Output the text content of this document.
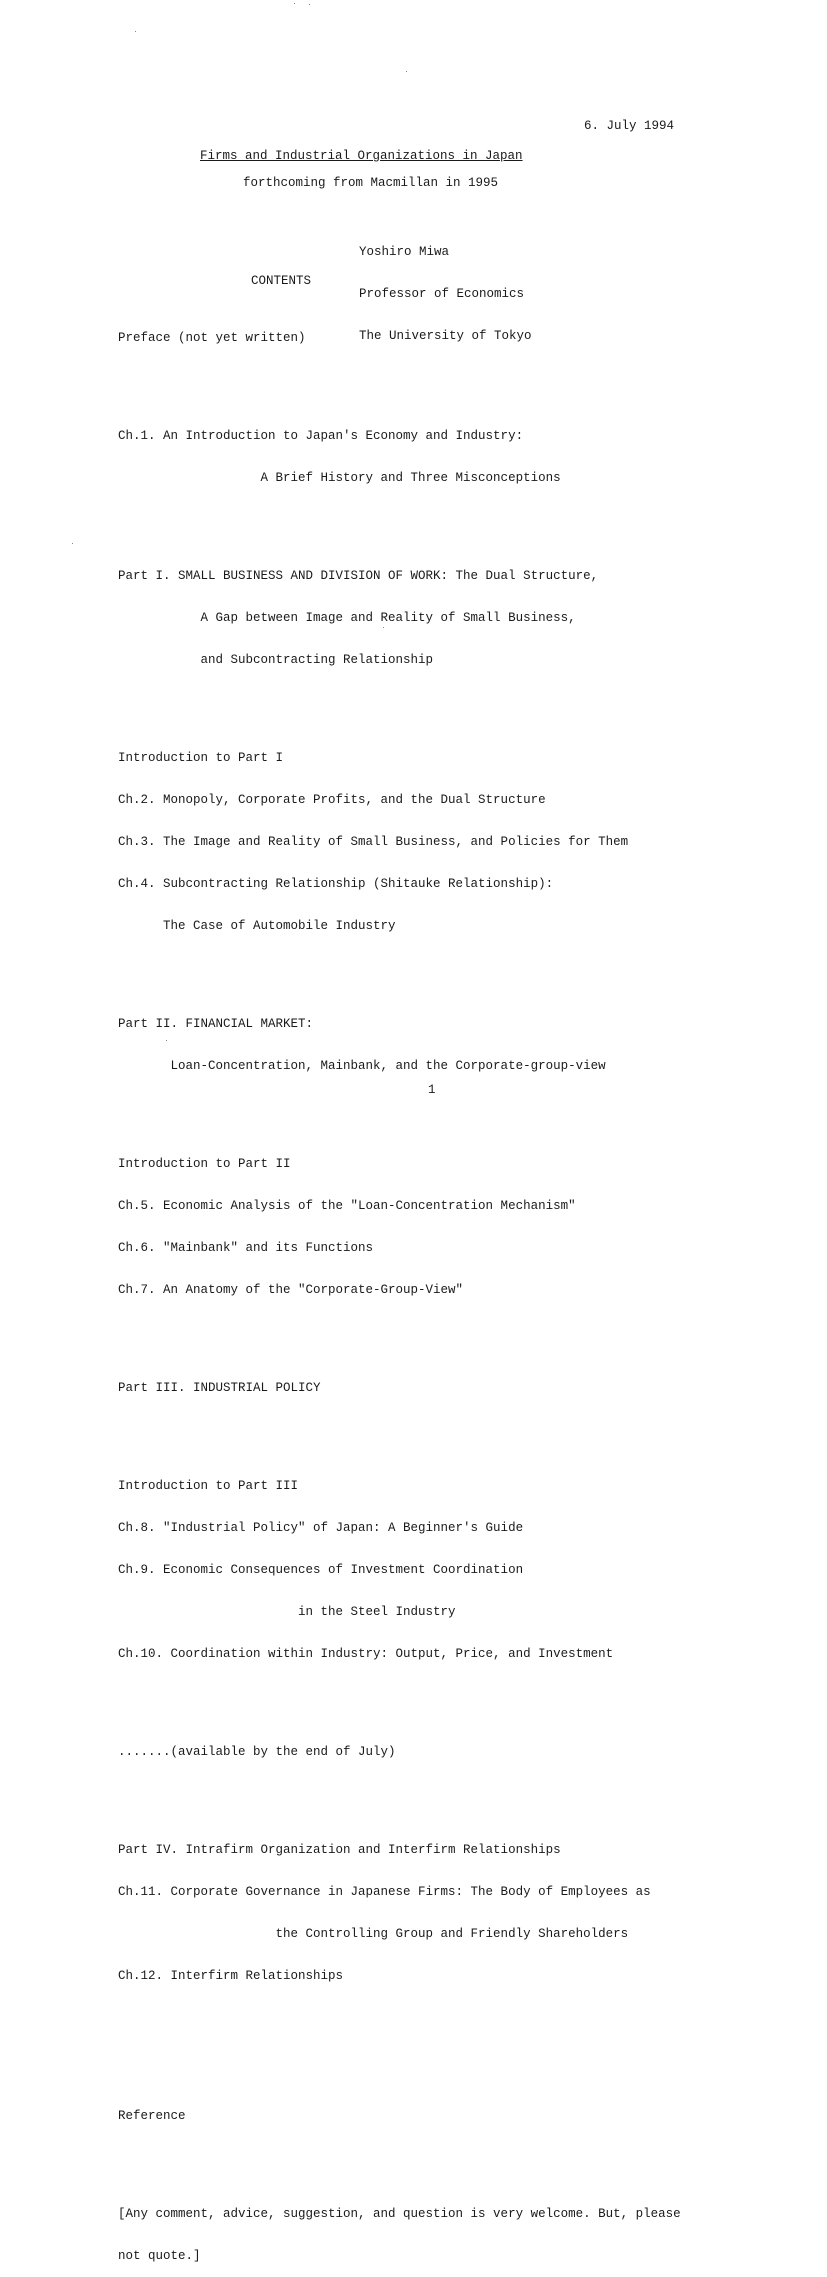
6. July 1994
Firms and Industrial Organizations in Japan
forthcoming from Macmillan in 1995

Yoshiro Miwa

Professor of Economics

The University of Tokyo

CONTENTS

Preface (not yet written)

Ch.1. An Introduction to Japan's Economy and Industry:

A Brief History and Three Misconceptions

Part I. SMALL BUSINESS AND DIVISION OF WORK: The Dual Structure,

A Gap between Image and Reality of Small Business,

and Subcontracting Relationship

Introduction to Part I

Ch.2. Monopoly, Corporate Profits, and the Dual Structure

Ch.3. The Image and Reality of Small Business, and Policies for Them

Ch.4. Subcontracting Relationship (Shitauke Relationship):

The Case of Automobile Industry

Part II. FINANCIAL MARKET:

Loan-Concentration, Mainbank, and the Corporate-group-view

Introduction to Part II

Ch.5. Economic Analysis of the "Loan-Concentration Mechanism"

Ch.6. "Mainbank" and its Functions

Ch.7. An Anatomy of the "Corporate-Group-View"

Part III. INDUSTRIAL POLICY

Introduction to Part III

Ch.8. "Industrial Policy" of Japan: A Beginner's Guide

Ch.9. Economic Consequences of Investment Coordination

in the Steel Industry

Ch.10. Coordination within Industry: Output, Price, and Investment

.......(available by the end of July)

Part IV. Intrafirm Organization and Interfirm Relationships

Ch.11. Corporate Governance in Japanese Firms: The Body of Employees as

the Controlling Group and Friendly Shareholders

Ch.12. Interfirm Relationships

Reference

[Any comment, advice, suggestion, and question is very welcome. But, please

not quote.]

1
